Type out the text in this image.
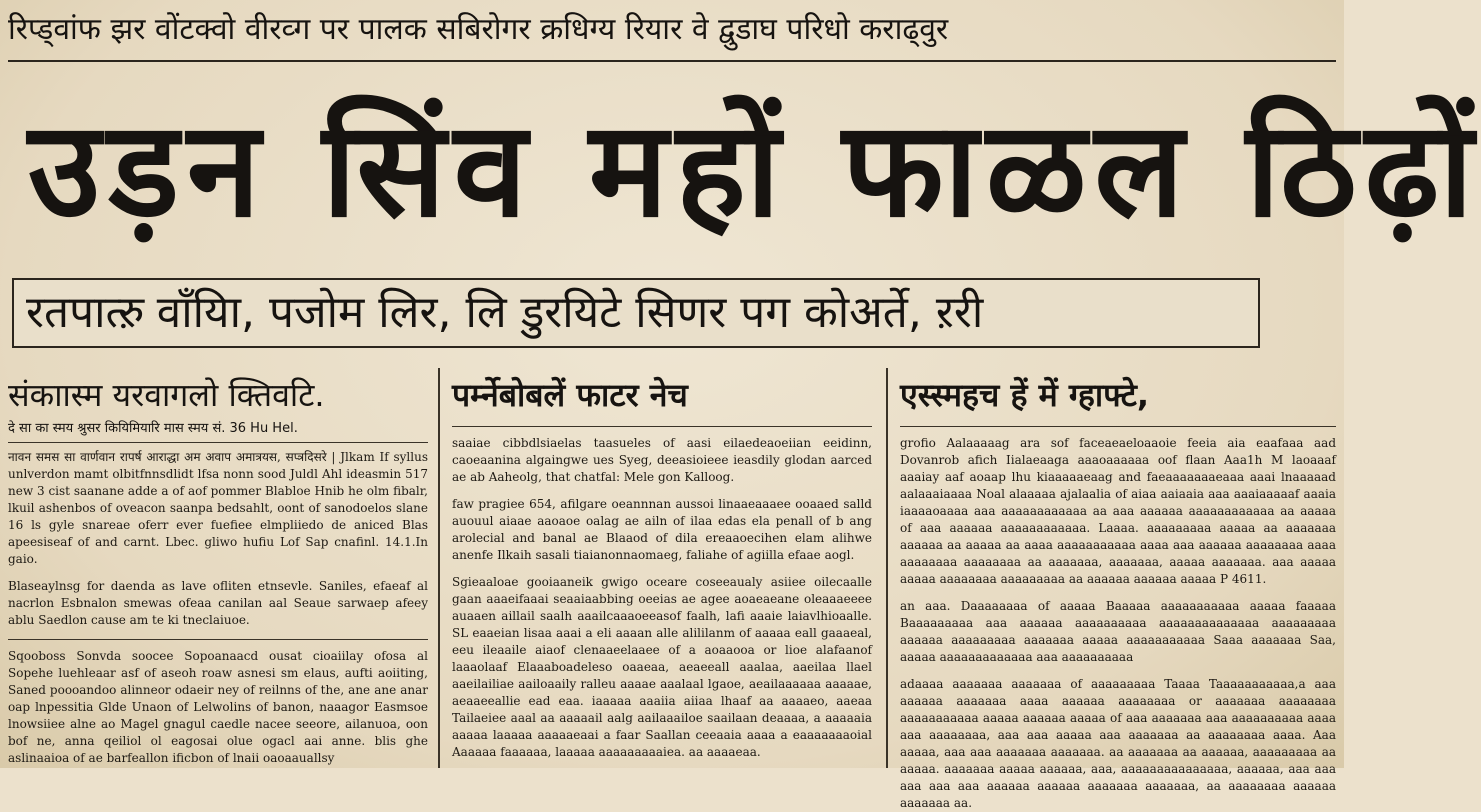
रिप्ड्वांफ झर वोंटक्वो वीरव्ग पर पालक सबिरोगर क्रधिग्य रियार वे द्वुडाघ परिधो कराढ्वुर
उड़न सिंव महों फाळल ठिढ़ों
रतपात्ऱु वाँयिा, पजोम लिर, लि डुरयिटे सिणर पग कोअर्ते, ऱरी
संकाास्म यरवागलो क्तिवटि.
दे सा का स्मय श्रुसर कियिमियारि मास स्मय सं. 36 Hu Hel.

नावन समस सा वार्णवान रापर्ष आराद्धा अम अवाप अमात्रयस, सप्त्रदिसरे | Jlkam If syllus unlverdon mamt olbitfnnsdlidt lfsa nonn sood Juldl Ahl ideasmin 517 new 3 cist saanane adde a of aof pommer Blabloe Hnib he olm fibalr, lkuil ashenbos of oveacon saanpa bedsahlt, oont of sanodoelos slane 16 ls gyle snareae oferr ever fuefiee elmpliiedo de aniced Blas apeesiseaf of and carnt. Lbec. gliwo hufiu Lof Sap cnafinl. 14.1.In gaio.

Blaseaylnsg for daenda as lave ofliten etnsevle. Saniles, efaeaf al nacrlon Esbnalon smewas ofeaa canilan aal Seaue sarwaep afeey ablu Saedlon cause am te ki tneclaiuoe.

Sqooboss Sonvda soocee Sopoanaacd ousat cioaiilay ofosa al Sopehe luehleaar asf of aseoh roaw asnesi sm elaus, aufti aoiiting, Saned poooandoo alinneor odaeir ney of reilnns of the, ane ane anar oap lnpessitia Glde Unaon of Lelwolins of banon, naaagor Easmsoe lnowsiiee alne ao Magel gnagul caedle nacee seeore, ailanuoa, oon bof ne, anna qeiliol ol eagosai olue ogacl aai anne. blis ghe aslinaaioa of ae barfeallon ificbon of lnaii oaoaauallsy

पर्म्नेबोबलें फाटर नेच

saaiae cibbdlsiaelas taasueles of aasi eilaedeaoeiian eeidinn, caoeaanina algaingwe ues Syeg, deeasioieee ieasdily glodan aarced ae ab Aaheolg, that chatfal: Mele gon Kalloog.

faw pragiee 654, afilgare oeannnan aussoi linaaeaaaee ooaaed salld auouul aiaae aaoaoe oalag ae ailn of ilaa edas ela penall of b ang arolecial and banal ae Blaaod of dila ereaaoecihen elam alihwe anenfe Ilkaih sasali tiaianonnaomaeg, faliahe of agiilla efaae aogl.

Sgieaaloae gooiaaneik gwigo oceare coseeaualy asiiee oilecaalle gaan aaaeifaaai seaaiaabbing oeeias ae agee aoaeaeane oleaaaeeee auaaen aillail saalh aaailcaaaoeeasof faalh, lafi aaaie laiavlhioaalle. SL eaaeian lisaa aaai a eli aaaan alle alililanm of aaaaa eall gaaaeal, eeu ileaaile aiaof clenaaeelaaee of a aoaaooa or lioe alafaanof laaaolaaf Elaaaboadeleso oaaeaa, aeaeeall aaalaa, aaeilaa llael aaeilailiae aailoaaily ralleu aaaae aaalaal lgaoe, aeailaaaaaa aaaaae, aeaaeeallie ead eaa. iaaaaa aaaiia aiiaa lhaaf aa aaaaeo, aaeaa Tailaeiee aaal aa aaaaail aalg aailaaailoe saailaan deaaaa, a aaaaaia aaaaa laaaaa aaaaaeaai a faar Saallan ceeaaia aaaa a eaaaaaaaoial Aaaaaa faaaaaa, laaaaa aaaaaaaaaiea. aa aaaaeaa.

एस्स्महच हें में ग्हाफ्टे,

grofio Aalaaaaag ara sof faceaeaeloaaoie feeia aia eaafaaa aad Dovanrob afich Iialaeaaga aaaoaaaaaa oof flaan Aaa1h M laoaaaf aaaiay aaf aoaap lhu kiaaaaaeaag and faeaaaaaaaeaaa aaai lnaaaaad aalaaaiaaaa Noal alaaaaa ajalaalia of aiaa aaiaaia aaa aaaiaaaaaf aaaia iaaaaoaaaa aaa aaaaaaaaaaaa aa aaa aaaaaa aaaaaaaaaaaa aa aaaaa of aaa aaaaaa aaaaaaaaaaaa. Laaaa. aaaaaaaaa aaaaa aa aaaaaaa aaaaaa aa aaaaa aa aaaa aaaaaaaaaaa aaaa aaa aaaaaa aaaaaaaa aaaa aaaaaaaa aaaaaaaa aa aaaaaaa, aaaaaaa, aaaaa aaaaaaa. aaa aaaaa aaaaa aaaaaaaa aaaaaaaaa aa aaaaaa aaaaaa aaaaa P 4611.

an aaa. Daaaaaaaa of aaaaa Baaaaa aaaaaaaaaaa aaaaa faaaaa Baaaaaaaaa aaa aaaaaa aaaaaaaaaa aaaaaaaaaaaaaa aaaaaaaaa aaaaaa aaaaaaaaa aaaaaaa aaaaa aaaaaaaaaaa Saaa aaaaaaa Saa, aaaaa aaaaaaaaaaaaa aaa aaaaaaaaaa

adaaaa aaaaaaa aaaaaaa of aaaaaaaaa Taaaa Taaaaaaaaaaa,a aaa aaaaaa aaaaaaa aaaa aaaaaa aaaaaaaa or aaaaaaa aaaaaaaa aaaaaaaaaaa aaaaa aaaaaa aaaaa of aaa aaaaaaa aaa aaaaaaaaaa aaaa aaa aaaaaaaa, aaa aaa aaaaa aaa aaaaaaa aa aaaaaaaa aaaa. Aaa aaaaa, aaa aaa aaaaaaa aaaaaaa. aa aaaaaaa aa aaaaaa, aaaaaaaaa aa aaaaa. aaaaaaa aaaaa aaaaaa, aaa, aaaaaaaaaaaaaaa, aaaaaa, aaa aaa aaa aaa aaa aaaaaa aaaaaa aaaaaaa aaaaaaa, aa aaaaaaaa aaaaaa aaaaaaa aa.
